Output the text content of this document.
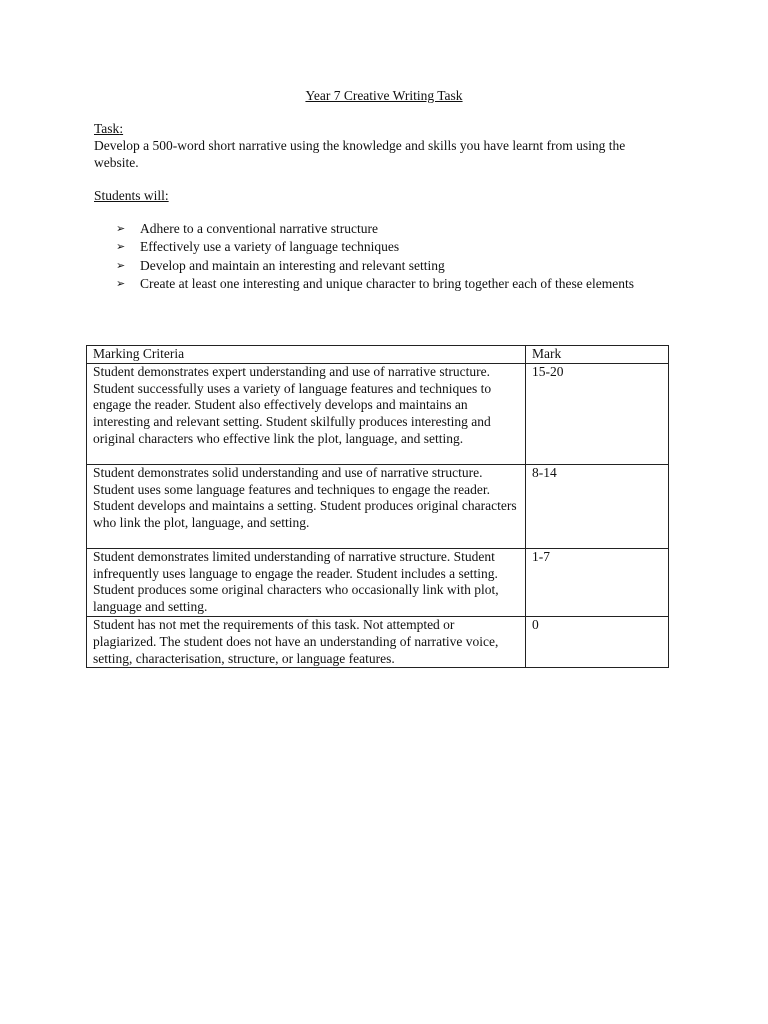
Year 7 Creative Writing Task
Task:
Develop a 500-word short narrative using the knowledge and skills you have learnt from using the website.
Students will:
➢ Adhere to a conventional narrative structure
➢ Effectively use a variety of language techniques
➢ Develop and maintain an interesting and relevant setting
➢ Create at least one interesting and unique character to bring together each of these elements
Marking Criteria	Mark
Student demonstrates expert understanding and use of narrative structure. Student successfully uses a variety of language features and techniques to engage the reader. Student also effectively develops and maintains an interesting and relevant setting. Student skilfully produces interesting and original characters who effective link the plot, language, and setting.	15-20
Student demonstrates solid understanding and use of narrative structure. Student uses some language features and techniques to engage the reader. Student develops and maintains a setting. Student produces original characters who link the plot, language, and setting.	8-14
Student demonstrates limited understanding of narrative structure. Student infrequently uses language to engage the reader. Student includes a setting. Student produces some original characters who occasionally link with plot, language and setting.	1-7
Student has not met the requirements of this task. Not attempted or plagiarized. The student does not have an understanding of narrative voice, setting, characterisation, structure, or language features.	0
